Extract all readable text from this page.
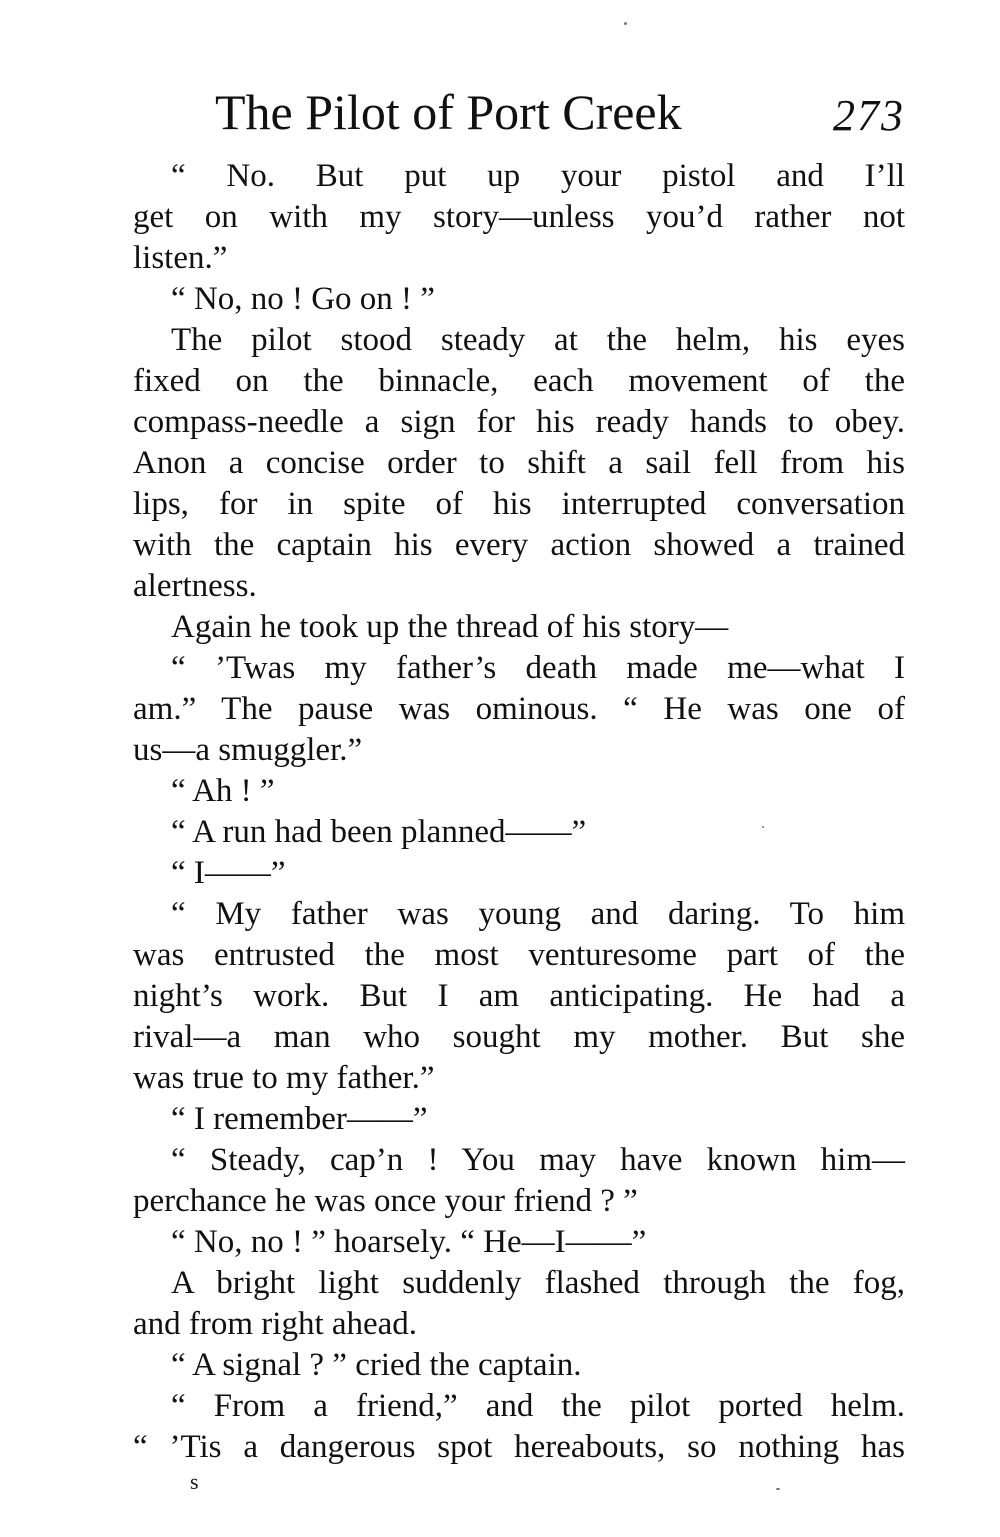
The Pilot of Port Creek	273
“ No. But put up your pistol and I’ll
get on with my story—unless you’d rather not
listen.”
“ No, no ! Go on ! ”
The pilot stood steady at the helm, his eyes
fixed on the binnacle, each movement of the
compass-needle a sign for his ready hands to obey.
Anon a concise order to shift a sail fell from his
lips, for in spite of his interrupted conversation
with the captain his every action showed a trained
alertness.
Again he took up the thread of his story—
“ ’Twas my father’s death made me—what I
am.” The pause was ominous. “ He was one of
us—a smuggler.”
“ Ah ! ”
“ A run had been planned——”
“ I——”
“ My father was young and daring. To him
was entrusted the most venturesome part of the
night’s work. But I am anticipating. He had a
rival—a man who sought my mother. But she
was true to my father.”
“ I remember——”
“ Steady, cap’n ! You may have known him—
perchance he was once your friend ? ”
“ No, no ! ” hoarsely. “ He—I——”
A bright light suddenly flashed through the fog,
and from right ahead.
“ A signal ? ” cried the captain.
“ From a friend,” and the pilot ported helm.
“ ’Tis a dangerous spot hereabouts, so nothing has
s
